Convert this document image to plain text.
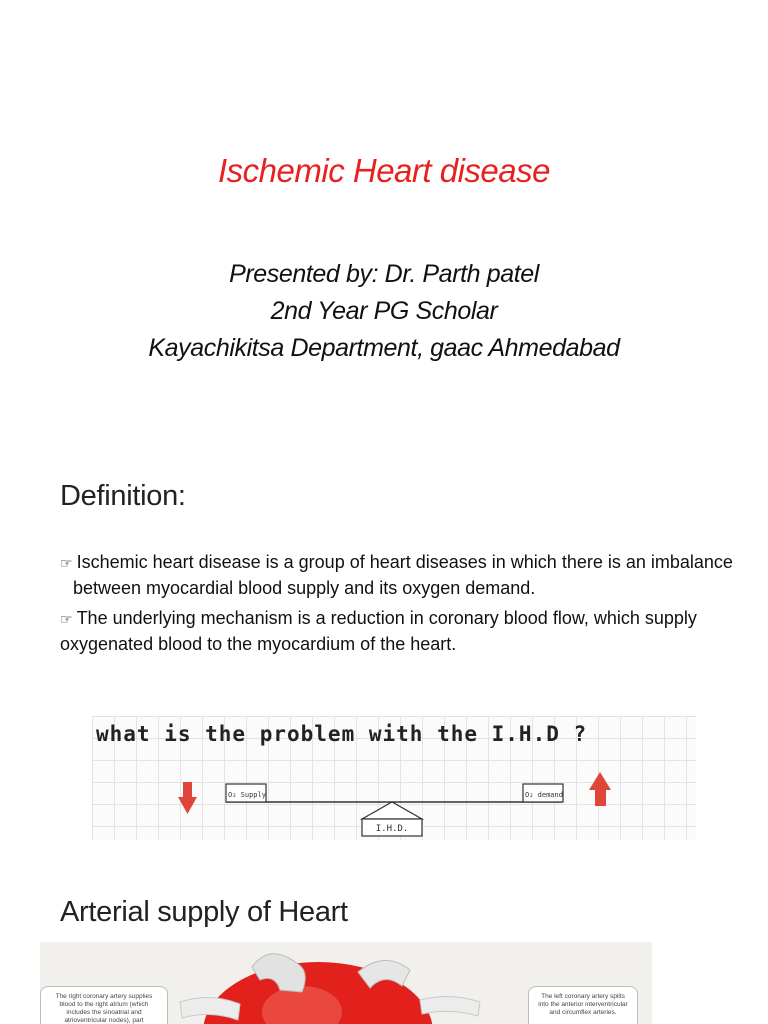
Ischemic Heart disease
Presented by: Dr. Parth patel
2nd Year PG Scholar
Kayachikitsa Department, gaac Ahmedabad
Definition:
☞ Ischemic heart disease is a group of heart diseases in which there is an imbalance between myocardial blood supply and its oxygen demand.
☞ The underlying mechanism is a reduction in coronary blood flow, which supply oxygenated blood to the myocardium of the heart.
what is the problem with the I.H.D ?
O₂ Supply	O₂ demand
I.H.D.
Arterial supply of Heart
The right coronary artery supplies blood to the right atrium (which includes the sinoatrial and atrioventricular nodes), part
The left coronary artery splits into the anterior interventricular and circumflex arteries.
